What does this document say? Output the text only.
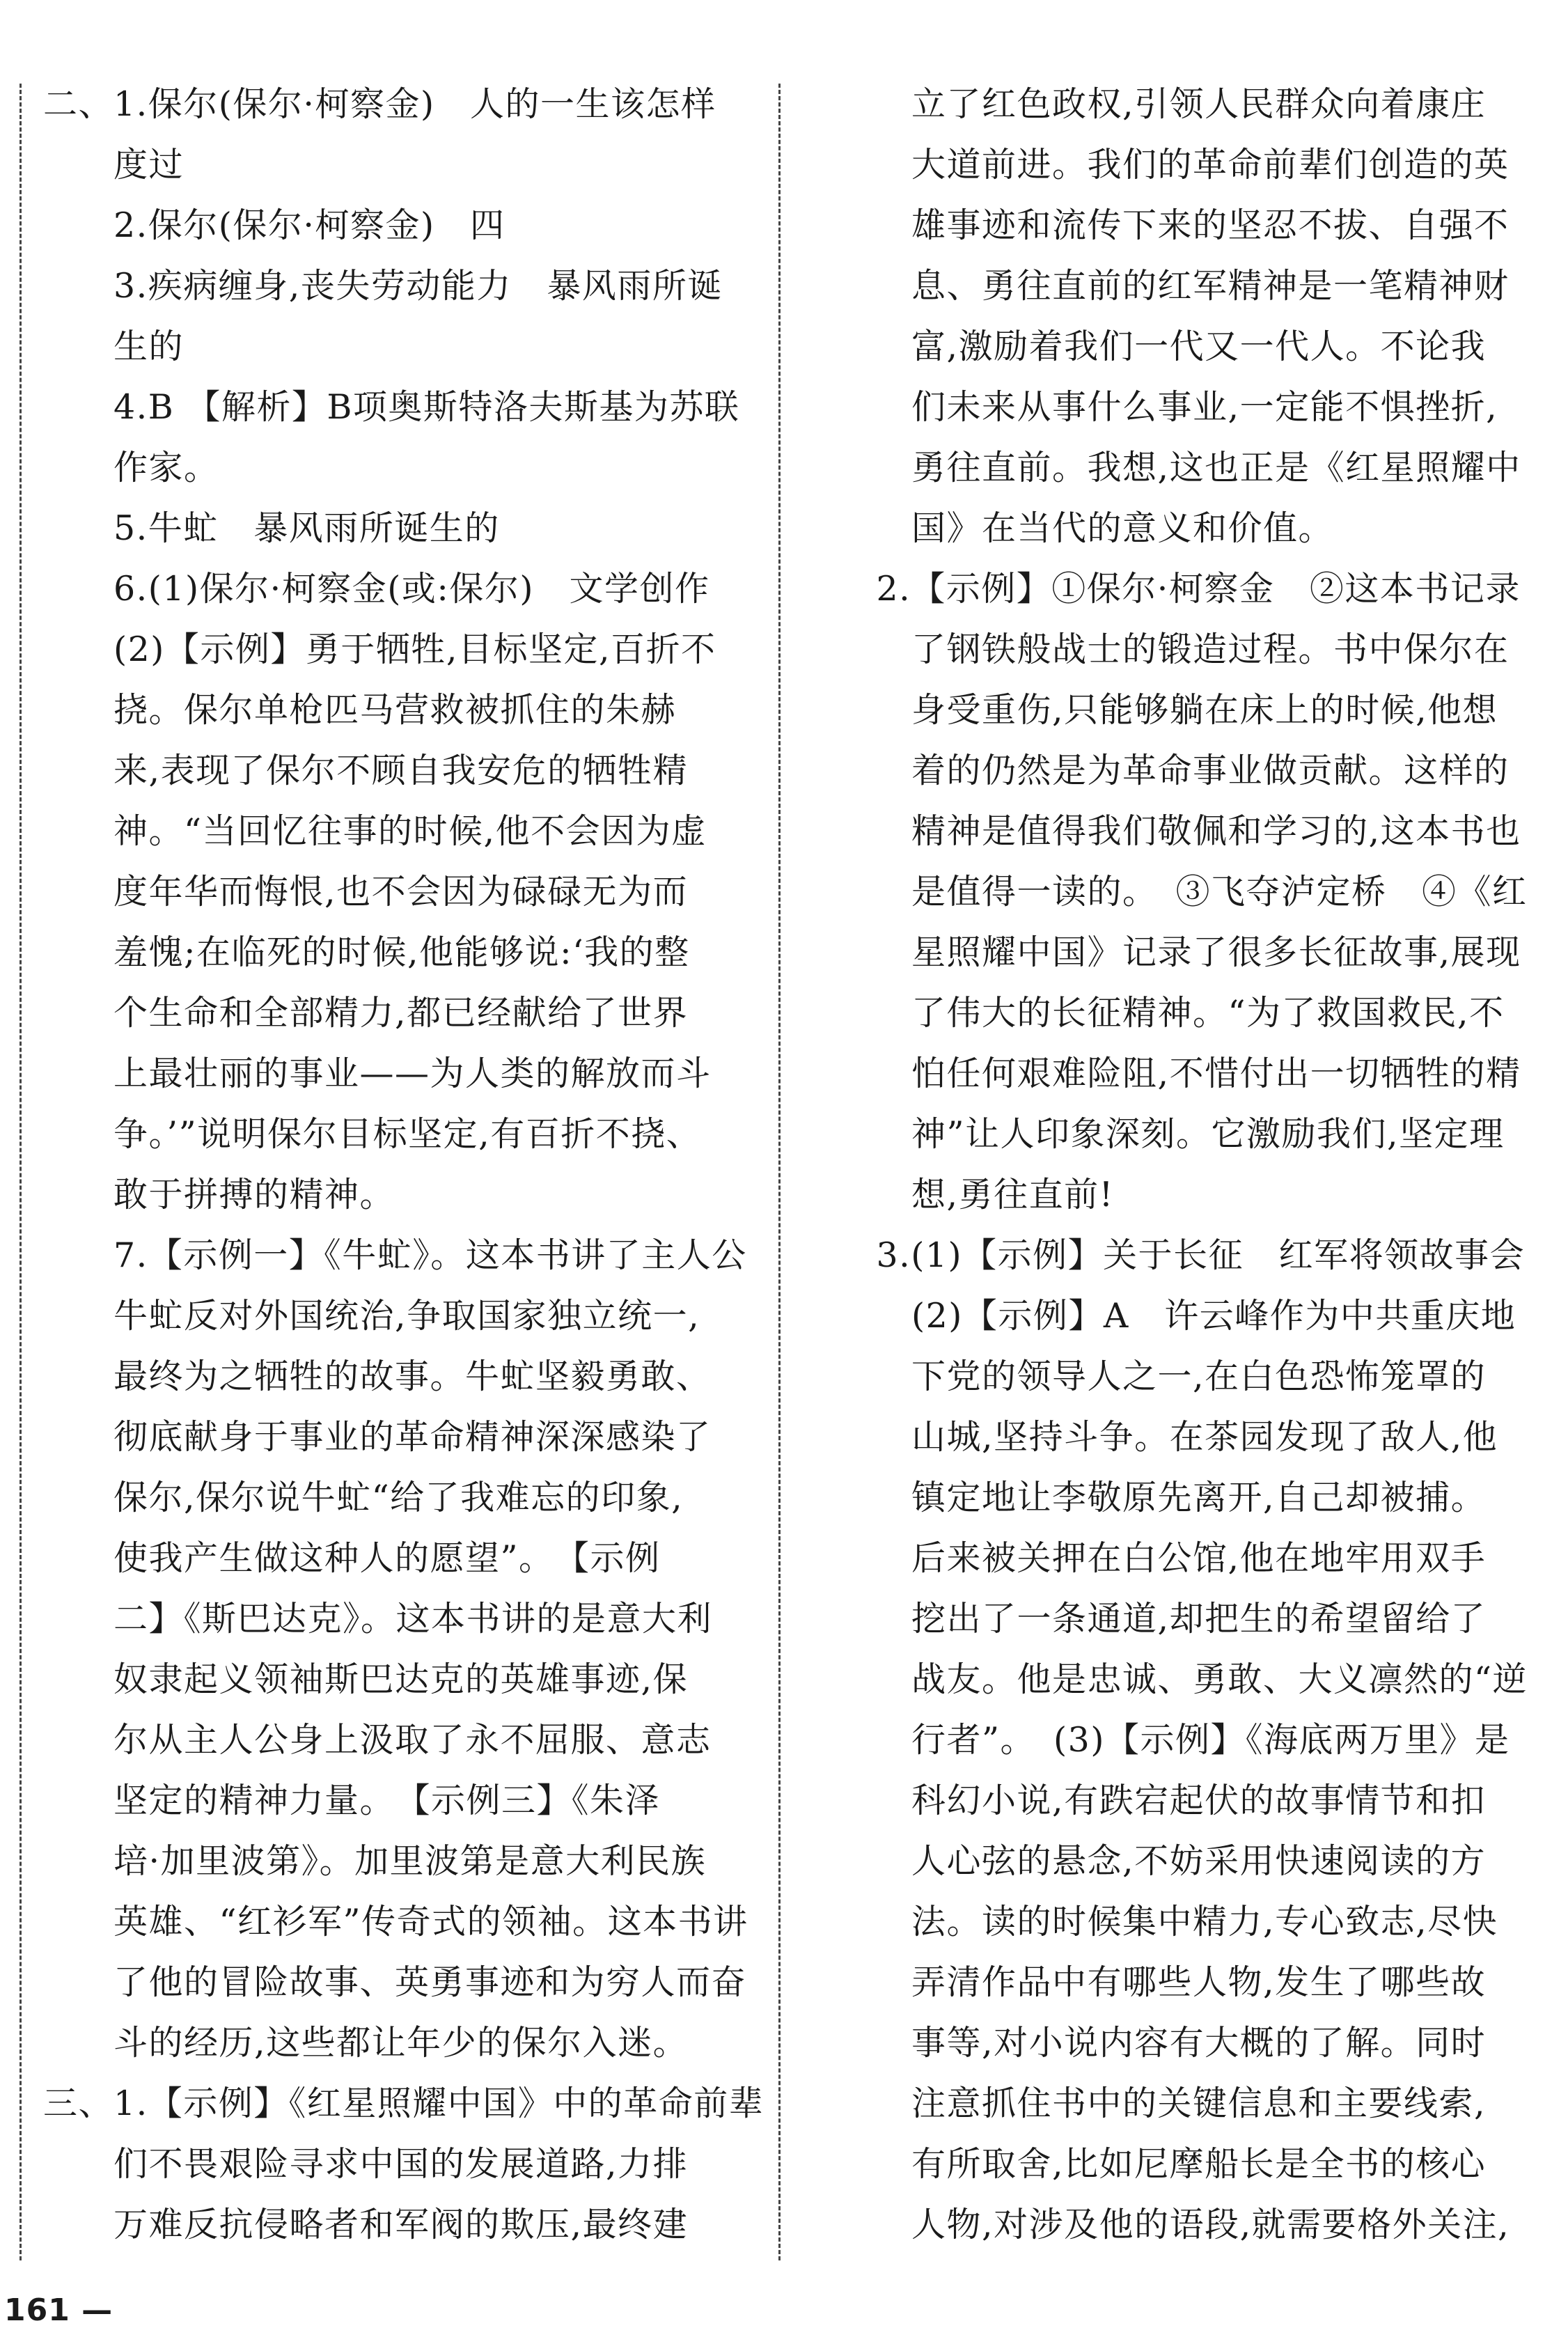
二、1.保尔(保尔·柯察金)　人的一生该怎样
　　度过
　　2.保尔(保尔·柯察金)　四
　　3.疾病缠身,丧失劳动能力　暴风雨所诞
　　生的
　　4.B 【解析】B项奥斯特洛夫斯基为苏联
　　作家。
　　5.牛虻　暴风雨所诞生的
　　6.(1)保尔·柯察金(或:保尔)　文学创作
　　(2)【示例】勇于牺牲,目标坚定,百折不
　　挠。保尔单枪匹马营救被抓住的朱赫
　　来,表现了保尔不顾自我安危的牺牲精
　　神。“当回忆往事的时候,他不会因为虚
　　度年华而悔恨,也不会因为碌碌无为而
　　羞愧;在临死的时候,他能够说:‘我的整
　　个生命和全部精力,都已经献给了世界
　　上最壮丽的事业——为人类的解放而斗
　　争。’”说明保尔目标坚定,有百折不挠、
　　敢于拼搏的精神。
　　7.【示例一】《牛虻》。这本书讲了主人公
　　牛虻反对外国统治,争取国家独立统一,
　　最终为之牺牲的故事。牛虻坚毅勇敢、
　　彻底献身于事业的革命精神深深感染了
　　保尔,保尔说牛虻“给了我难忘的印象,
　　使我产生做这种人的愿望”。　【示例
　　二】《斯巴达克》。这本书讲的是意大利
　　奴隶起义领袖斯巴达克的英雄事迹,保
　　尔从主人公身上汲取了永不屈服、意志
　　坚定的精神力量。　【示例三】《朱泽
　　培·加里波第》。加里波第是意大利民族
　　英雄、“红衫军”传奇式的领袖。这本书讲
　　了他的冒险故事、英勇事迹和为穷人而奋
　　斗的经历,这些都让年少的保尔入迷。
三、1.【示例】《红星照耀中国》中的革命前辈
　　们不畏艰险寻求中国的发展道路,力排
　　万难反抗侵略者和军阀的欺压,最终建
　　立了红色政权,引领人民群众向着康庄
　　大道前进。我们的革命前辈们创造的英
　　雄事迹和流传下来的坚忍不拔、自强不
　　息、勇往直前的红军精神是一笔精神财
　　富,激励着我们一代又一代人。不论我
　　们未来从事什么事业,一定能不惧挫折,
　　勇往直前。我想,这也正是《红星照耀中
　　国》在当代的意义和价值。
　2.【示例】①保尔·柯察金　②这本书记录
　　了钢铁般战士的锻造过程。书中保尔在
　　身受重伤,只能够躺在床上的时候,他想
　　着的仍然是为革命事业做贡献。这样的
　　精神是值得我们敬佩和学习的,这本书也
　　是值得一读的。　③飞夺泸定桥　④《红
　　星照耀中国》记录了很多长征故事,展现
　　了伟大的长征精神。“为了救国救民,不
　　怕任何艰难险阻,不惜付出一切牺牲的精
　　神”让人印象深刻。它激励我们,坚定理
　　想,勇往直前!
　3.(1)【示例】关于长征　红军将领故事会
　　(2)【示例】A　许云峰作为中共重庆地
　　下党的领导人之一,在白色恐怖笼罩的
　　山城,坚持斗争。在茶园发现了敌人,他
　　镇定地让李敬原先离开,自己却被捕。
　　后来被关押在白公馆,他在地牢用双手
　　挖出了一条通道,却把生的希望留给了
　　战友。他是忠诚、勇敢、大义凛然的“逆
　　行者”。　(3)【示例】《海底两万里》是
　　科幻小说,有跌宕起伏的故事情节和扣
　　人心弦的悬念,不妨采用快速阅读的方
　　法。读的时候集中精力,专心致志,尽快
　　弄清作品中有哪些人物,发生了哪些故
　　事等,对小说内容有大概的了解。同时
　　注意抓住书中的关键信息和主要线索,
　　有所取舍,比如尼摩船长是全书的核心
　　人物,对涉及他的语段,就需要格外关注,
161 —
